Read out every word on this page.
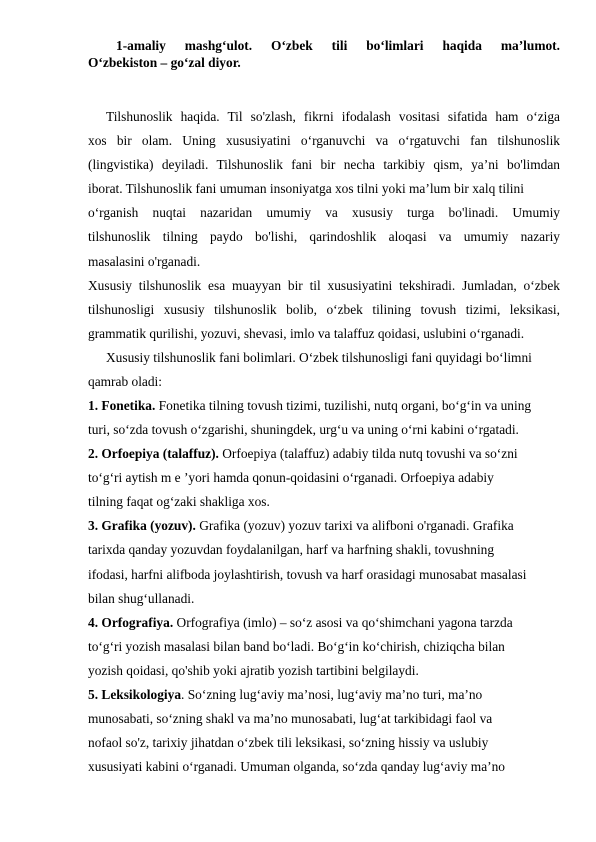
1-amaliy mashg‘ulot. O‘zbek tili bo‘limlari haqida ma’lumot.

O‘zbekiston – go‘zal diyor.

Tilshunoslik haqida. Til so'zlash, fikrni ifodalash vositasi sifatida ham o‘ziga

xos bir olam. Uning xususiyatini o‘rganuvchi va o‘rgatuvchi fan tilshunoslik

(lingvistika) deyiladi. Tilshunoslik fani bir necha tarkibiy qism, ya’ni bo'limdan

iborat. Tilshunoslik fani umuman insoniyatga xos tilni yoki ma’lum bir xalq tilini

o‘rganish nuqtai nazaridan umumiy va xususiy turga bo'linadi. Umumiy

tilshunoslik tilning paydo bo'lishi, qarindoshlik aloqasi va umumiy nazariy

masalasini o'rganadi.

Xususiy tilshunoslik esa muayyan bir til xususiyatini tekshiradi. Jumladan, o‘zbek

tilshunosligi xususiy tilshunoslik bolib, o‘zbek tilining tovush tizimi, leksikasi,

grammatik qurilishi, yozuvi, shevasi, imlo va talaffuz qoidasi, uslubini o‘rganadi.

Xususiy tilshunoslik fani bolimlari. O‘zbek tilshunosligi fani quyidagi bo‘limni

qamrab oladi:

1. Fonetika. Fonetika tilning tovush tizimi, tuzilishi, nutq organi, bo‘g‘in va uning

turi, so‘zda tovush o‘zgarishi, shuningdek, urg‘u va uning o‘rni kabini o‘rgatadi.

2. Orfoepiya (talaffuz). Orfoepiya (talaffuz) adabiy tilda nutq tovushi va so‘zni

to‘g‘ri aytish m e ’yori hamda qonun-qoidasini o‘rganadi. Orfoepiya adabiy

tilning faqat og‘zaki shakliga xos.

3. Grafika (yozuv). Grafika (yozuv) yozuv tarixi va alifboni o'rganadi. Grafika

tarixda qanday yozuvdan foydalanilgan, harf va harfning shakli, tovushning

ifodasi, harfni alifboda joylashtirish, tovush va harf orasidagi munosabat masalasi

bilan shug‘ullanadi.

4. Orfografiya. Orfografiya (imlo) – so‘z asosi va qo‘shimchani yagona tarzda

to‘g‘ri yozish masalasi bilan band bo‘ladi. Bo‘g‘in ko‘chirish, chiziqcha bilan

yozish qoidasi, qo'shib yoki ajratib yozish tartibini belgilaydi.

5. Leksikologiya. So‘zning lug‘aviy ma’nosi, lug‘aviy ma’no turi, ma’no

munosabati, so‘zning shakl va ma’no munosabati, lug‘at tarkibidagi faol va

nofaol so'z, tarixiy jihatdan o‘zbek tili leksikasi, so‘zning hissiy va uslubiy

xususiyati kabini o‘rganadi. Umuman olganda, so‘zda qanday lug‘aviy ma’no
